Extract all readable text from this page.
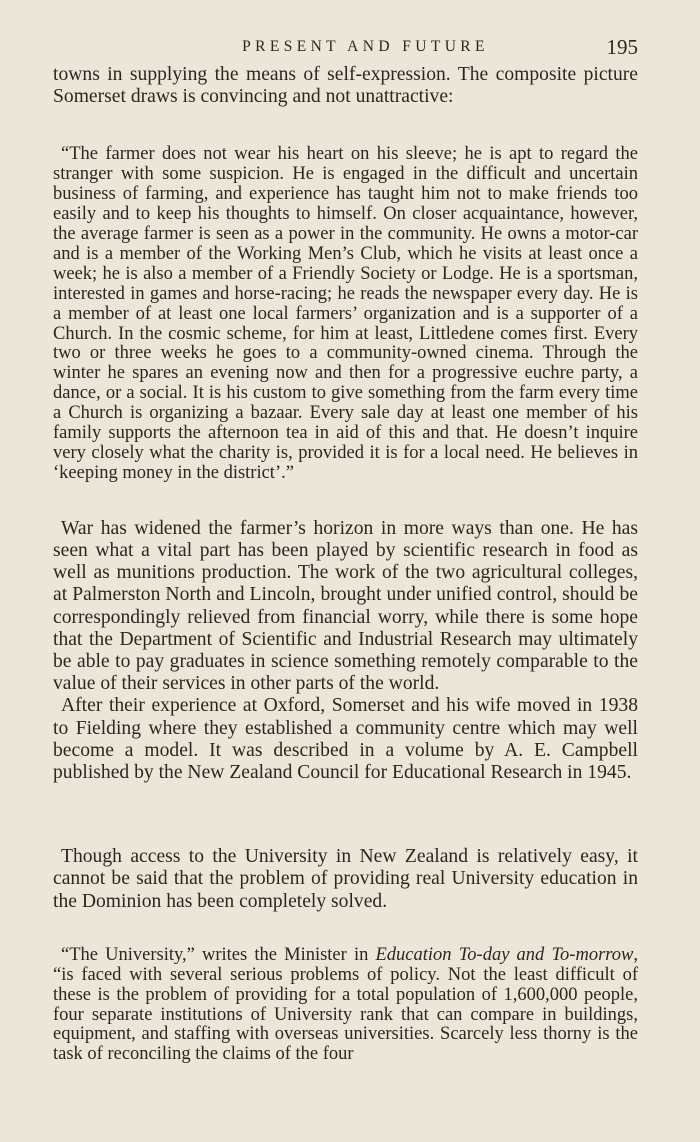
PRESENT AND FUTURE	195

towns in supplying the means of self-expression. The composite picture Somerset draws is convincing and not unattractive:

“The farmer does not wear his heart on his sleeve; he is apt to regard the stranger with some suspicion. He is engaged in the difficult and uncertain business of farming, and experience has taught him not to make friends too easily and to keep his thoughts to himself. On closer acquaintance, however, the average farmer is seen as a power in the community. He owns a motor-car and is a member of the Working Men’s Club, which he visits at least once a week; he is also a member of a Friendly Society or Lodge. He is a sportsman, interested in games and horse-racing; he reads the newspaper every day. He is a member of at least one local farmers’ organization and is a supporter of a Church. In the cosmic scheme, for him at least, Littledene comes first. Every two or three weeks he goes to a community-owned cinema. Through the winter he spares an evening now and then for a progressive euchre party, a dance, or a social. It is his custom to give something from the farm every time a Church is organizing a bazaar. Every sale day at least one member of his family supports the afternoon tea in aid of this and that. He doesn’t inquire very closely what the charity is, provided it is for a local need. He believes in ‘keeping money in the district’.”

War has widened the farmer’s horizon in more ways than one. He has seen what a vital part has been played by scientific research in food as well as munitions production. The work of the two agricultural colleges, at Palmerston North and Lincoln, brought under unified control, should be correspondingly relieved from financial worry, while there is some hope that the Department of Scientific and Industrial Research may ultimately be able to pay graduates in science something remotely comparable to the value of their services in other parts of the world.

After their experience at Oxford, Somerset and his wife moved in 1938 to Fielding where they established a community centre which may well become a model. It was described in a volume by A. E. Campbell published by the New Zealand Council for Educational Research in 1945.

Though access to the University in New Zealand is relatively easy, it cannot be said that the problem of providing real University education in the Dominion has been completely solved.

“The University,” writes the Minister in Education To-day and To-morrow, “is faced with several serious problems of policy. Not the least difficult of these is the problem of providing for a total population of 1,600,000 people, four separate institutions of University rank that can compare in buildings, equipment, and staffing with overseas universities. Scarcely less thorny is the task of reconciling the claims of the four
